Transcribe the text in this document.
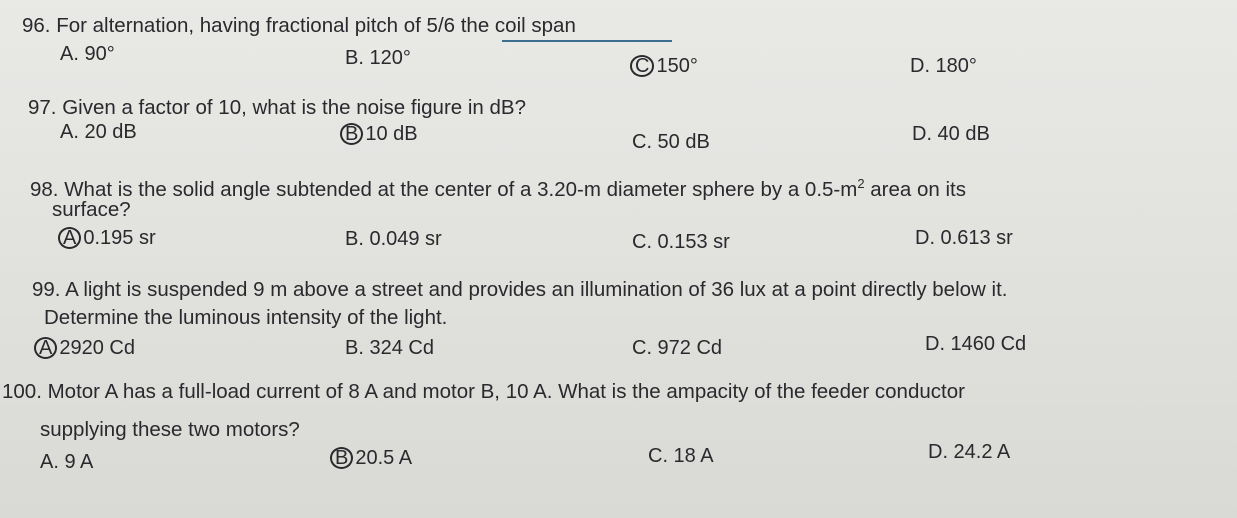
96. For alternation, having fractional pitch of 5/6 the coil span
A. 90°	B. 120°	C 150°	D. 180°
97. Given a factor of 10, what is the noise figure in dB?
A. 20 dB	B 10 dB	C. 50 dB	D. 40 dB
98. What is the solid angle subtended at the center of a 3.20-m diameter sphere by a $0.5-m^2$ area on its
surface?
A 0.195 sr	B. 0.049 sr	C. 0.153 sr	D. 0.613 sr
99. A light is suspended 9 m above a street and provides an illumination of 36 lux at a point directly below it.
Determine the luminous intensity of the light.
A 2920 Cd	B. 324 Cd	C. 972 Cd	D. 1460 Cd
100. Motor A has a full-load current of 8 A and motor B, 10 A. What is the ampacity of the feeder conductor
supplying these two motors?
A. 9 A	B 20.5 A	C. 18 A	D. 24.2 A
